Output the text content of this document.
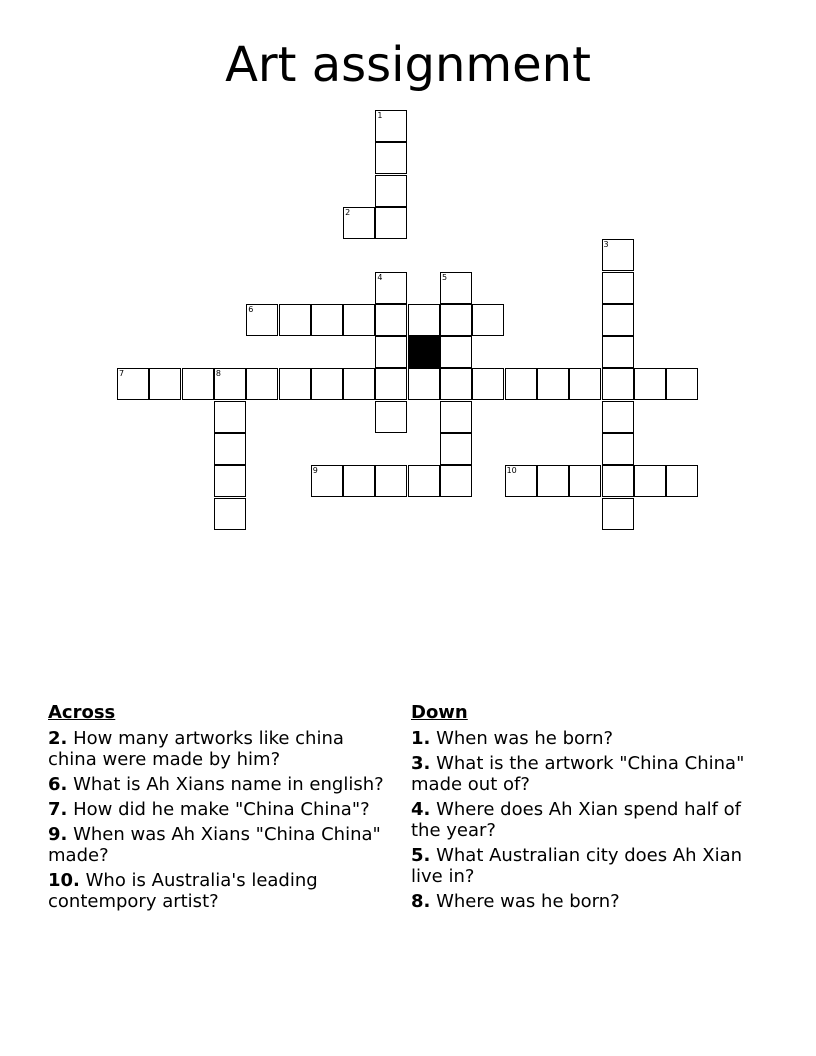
Art assignment
1
2
3
4	5
6
7	8
9	10
Across
2. How many artworks like china china were made by him?
6. What is Ah Xians name in english?
7. How did he make "China China"?
9. When was Ah Xians "China China" made?
10. Who is Australia's leading contempory artist?
Down
1. When was he born?
3. What is the artwork "China China" made out of?
4. Where does Ah Xian spend half of the year?
5. What Australian city does Ah Xian live in?
8. Where was he born?
